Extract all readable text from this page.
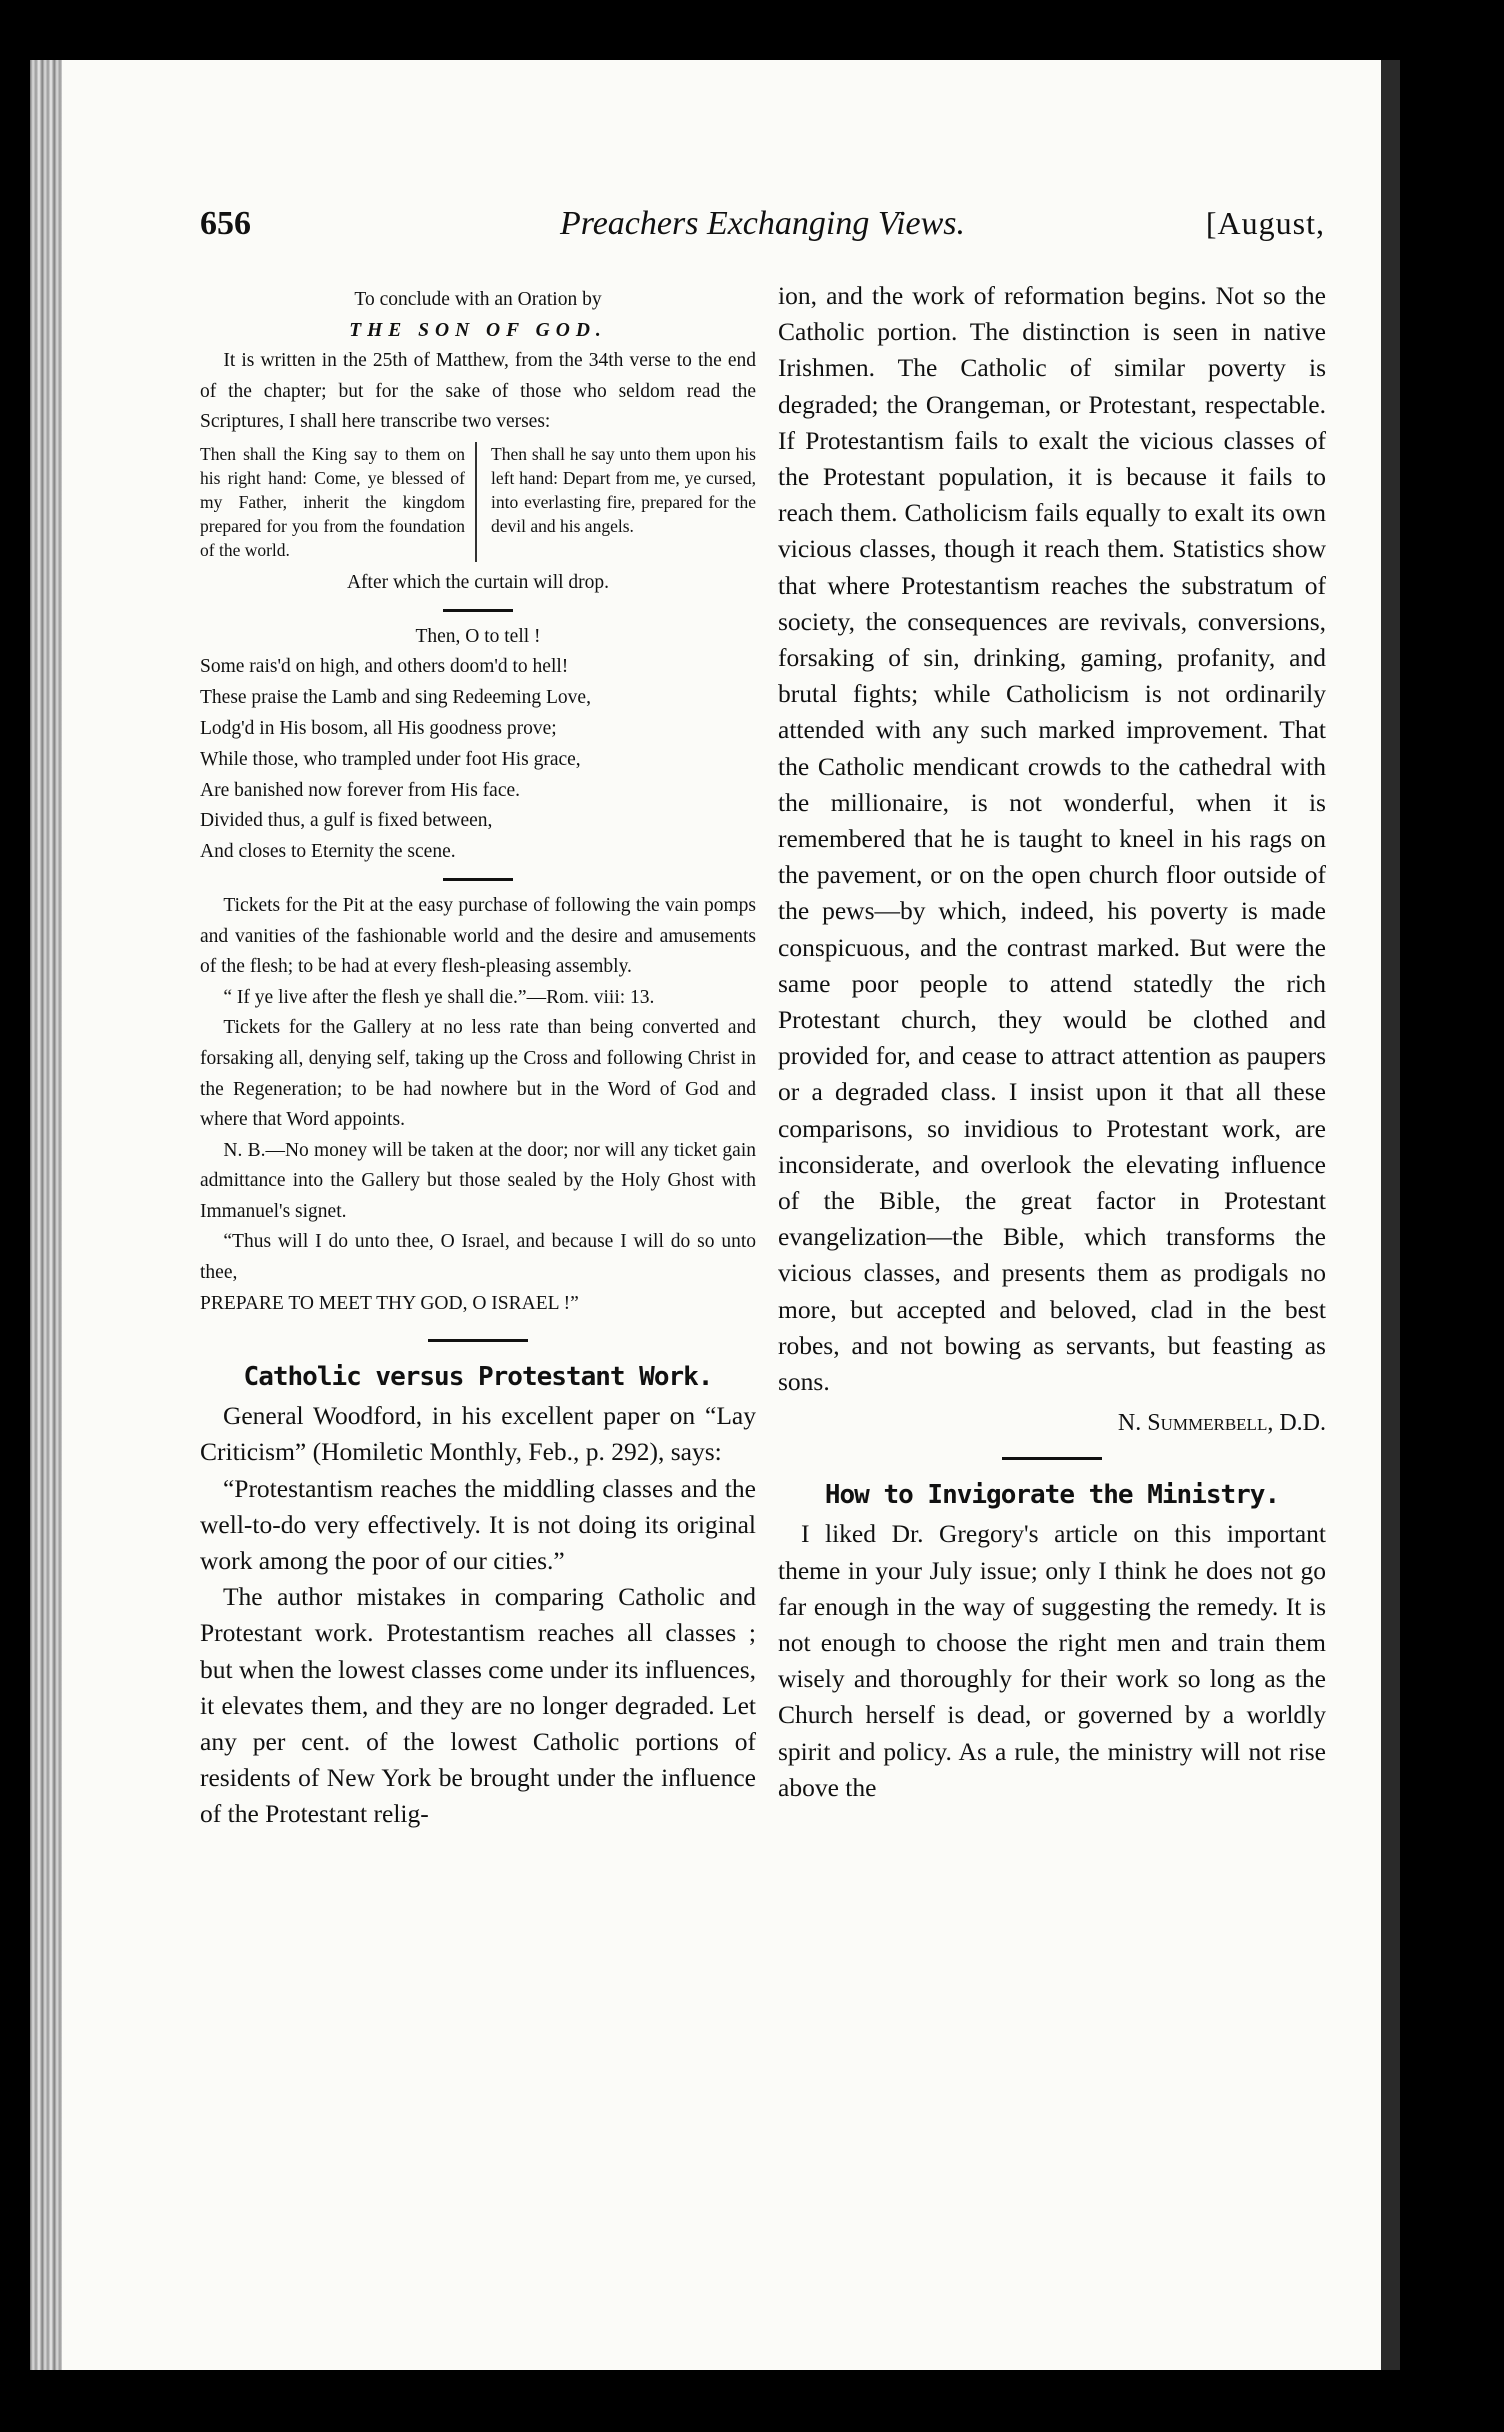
656	Preachers Exchanging Views.	[August,

To conclude with an Oration by

THE SON OF GOD.

It is written in the 25th of Matthew, from the 34th verse to the end of the chapter; but for the sake of those who seldom read the Scriptures, I shall here transcribe two verses:

Then shall the King say to them on his right hand: Come, ye blessed of my Father, inherit the kingdom prepared for you from the foundation of the world.
Then shall he say unto them upon his left hand: Depart from me, ye cursed, into everlasting fire, prepared for the devil and his angels.

After which the curtain will drop.

Then, O to tell !
Some rais'd on high, and others doom'd to hell!
These praise the Lamb and sing Redeeming Love,
Lodg'd in His bosom, all His goodness prove;
While those, who trampled under foot His grace,
Are banished now forever from His face.
Divided thus, a gulf is fixed between,
And closes to Eternity the scene.

Tickets for the Pit at the easy purchase of following the vain pomps and vanities of the fashionable world and the desire and amusements of the flesh; to be had at every flesh-pleasing assembly.

“ If ye live after the flesh ye shall die.”—Rom. viii: 13.

Tickets for the Gallery at no less rate than being converted and forsaking all, denying self, taking up the Cross and following Christ in the Regeneration; to be had nowhere but in the Word of God and where that Word appoints.

N. B.—No money will be taken at the door; nor will any ticket gain admittance into the Gallery but those sealed by the Holy Ghost with Immanuel's signet.

“Thus will I do unto thee, O Israel, and because I will do so unto thee,

PREPARE TO MEET THY GOD, O ISRAEL !”

Catholic versus Protestant Work.

General Woodford, in his excellent paper on “Lay Criticism” (Homiletic Monthly, Feb., p. 292), says:

“Protestantism reaches the middling classes and the well-to-do very effectively. It is not doing its original work among the poor of our cities.”

The author mistakes in comparing Catholic and Protestant work. Protestantism reaches all classes ; but when the lowest classes come under its influences, it elevates them, and they are no longer degraded. Let any per cent. of the lowest Catholic portions of residents of New York be brought under the influence of the Protestant relig-

ion, and the work of reformation begins. Not so the Catholic portion. The distinction is seen in native Irishmen. The Catholic of similar poverty is degraded; the Orangeman, or Protestant, respectable. If Protestantism fails to exalt the vicious classes of the Protestant population, it is because it fails to reach them. Catholicism fails equally to exalt its own vicious classes, though it reach them. Statistics show that where Protestantism reaches the substratum of society, the consequences are revivals, conversions, forsaking of sin, drinking, gaming, profanity, and brutal fights; while Catholicism is not ordinarily attended with any such marked improvement. That the Catholic mendicant crowds to the cathedral with the millionaire, is not wonderful, when it is remembered that he is taught to kneel in his rags on the pavement, or on the open church floor outside of the pews—by which, indeed, his poverty is made conspicuous, and the contrast marked. But were the same poor people to attend statedly the rich Protestant church, they would be clothed and provided for, and cease to attract attention as paupers or a degraded class. I insist upon it that all these comparisons, so invidious to Protestant work, are inconsiderate, and overlook the elevating influence of the Bible, the great factor in Protestant evangelization—the Bible, which transforms the vicious classes, and presents them as prodigals no more, but accepted and beloved, clad in the best robes, and not bowing as servants, but feasting as sons.

N. Summerbell, D.D.
How to Invigorate the Ministry.

I liked Dr. Gregory's article on this important theme in your July issue; only I think he does not go far enough in the way of suggesting the remedy. It is not enough to choose the right men and train them wisely and thoroughly for their work so long as the Church herself is dead, or governed by a worldly spirit and policy. As a rule, the ministry will not rise above the
